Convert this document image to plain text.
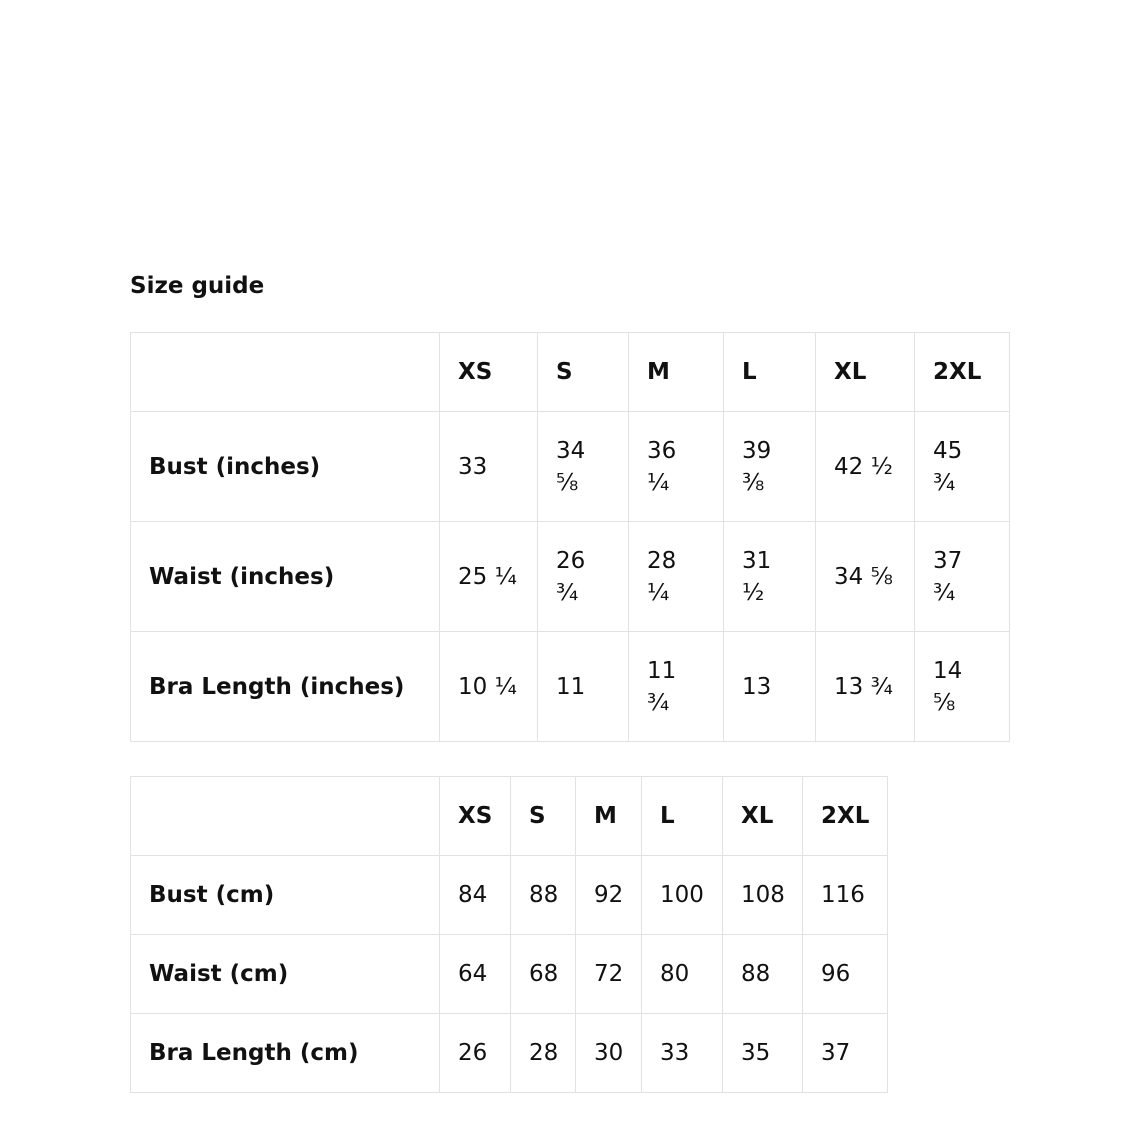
Size guide
	XS	S	M	L	XL	2XL
Bust (inches)	33	34 ⅝	36 ¼	39 ⅜	42 ½	45 ¾
Waist (inches)	25 ¼	26 ¾	28 ¼	31 ½	34 ⅝	37 ¾
Bra Length (inches)	10 ¼	11	11 ¾	13	13 ¾	14 ⅝
	XS	S	M	L	XL	2XL
Bust (cm)	84	88	92	100	108	116
Waist (cm)	64	68	72	80	88	96
Bra Length (cm)	26	28	30	33	35	37
